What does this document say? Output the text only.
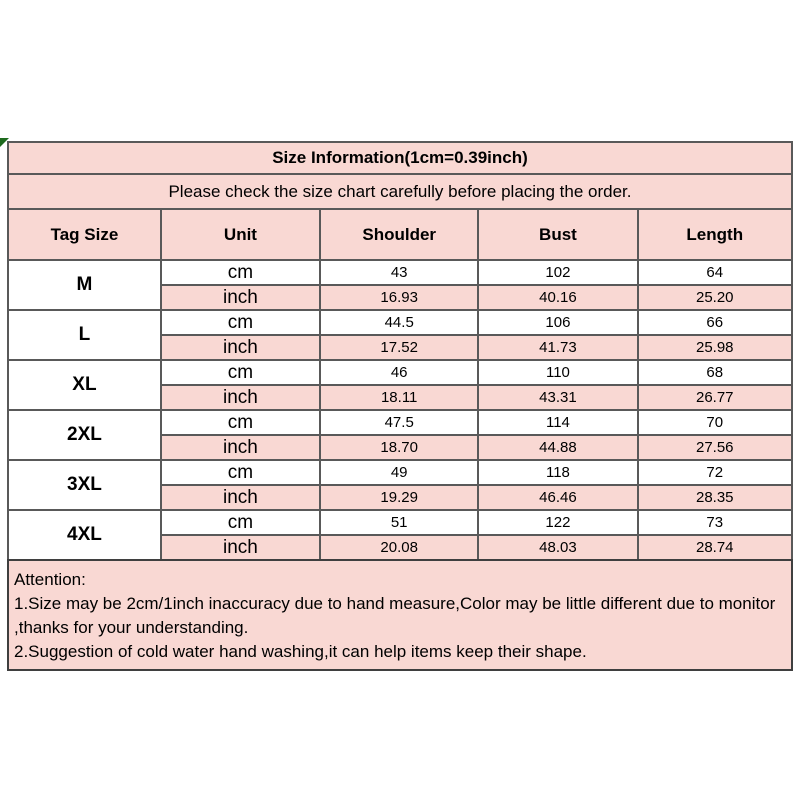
Size Information(1cm=0.39inch)				
Please check the size chart carefully before placing the order.				
Tag Size	Unit	Shoulder	Bust	Length
M	cm	43	102	64
	inch	16.93	40.16	25.20
L	cm	44.5	106	66
	inch	17.52	41.73	25.98
XL	cm	46	110	68
	inch	18.11	43.31	26.77
2XL	cm	47.5	114	70
	inch	18.70	44.88	27.56
3XL	cm	49	118	72
	inch	19.29	46.46	28.35
4XL	cm	51	122	73
	inch	20.08	48.03	28.74
Attention:
1.Size may be 2cm/1inch inaccuracy due to hand measure,Color may be little different due to monitor
,thanks for your understanding.
2.Suggestion of cold water hand washing,it can help items keep their shape.
